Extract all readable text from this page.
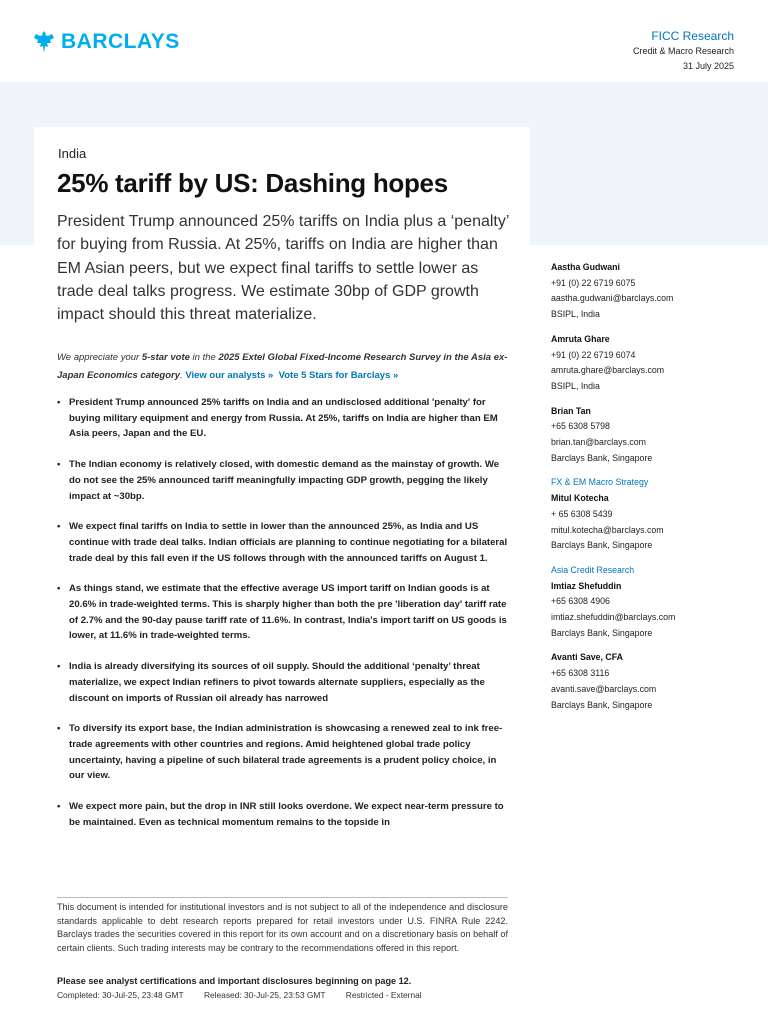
BARCLAYS	FICC Research
Credit & Macro Research
31 July 2025
India
25% tariff by US: Dashing hopes
President Trump announced 25% tariffs on India plus a ‘penalty’ for buying from Russia. At 25%, tariffs on India are higher than EM Asian peers, but we expect final tariffs to settle lower as trade deal talks progress. We estimate 30bp of GDP growth impact should this threat materialize.
We appreciate your 5-star vote in the 2025 Extel Global Fixed-Income Research Survey in the Asia ex-Japan Economics category. View our analysts » Vote 5 Stars for Barclays »
• President Trump announced 25% tariffs on India and an undisclosed additional 'penalty' for buying military equipment and energy from Russia. At 25%, tariffs on India are higher than EM Asia peers, Japan and the EU.
• The Indian economy is relatively closed, with domestic demand as the mainstay of growth. We do not see the 25% announced tariff meaningfully impacting GDP growth, pegging the likely impact at ~30bp.
• We expect final tariffs on India to settle in lower than the announced 25%, as India and US continue with trade deal talks. Indian officials are planning to continue negotiating for a bilateral trade deal by this fall even if the US follows through with the announced tariffs on August 1.
• As things stand, we estimate that the effective average US import tariff on Indian goods is at 20.6% in trade-weighted terms. This is sharply higher than both the pre 'liberation day' tariff rate of 2.7% and the 90-day pause tariff rate of 11.6%. In contrast, India's import tariff on US goods is lower, at 11.6% in trade-weighted terms.
• India is already diversifying its sources of oil supply. Should the additional ‘penalty’ threat materialize, we expect Indian refiners to pivot towards alternate suppliers, especially as the discount on imports of Russian oil already has narrowed
• To diversify its export base, the Indian administration is showcasing a renewed zeal to ink free-trade agreements with other countries and regions. Amid heightened global trade policy uncertainty, having a pipeline of such bilateral trade agreements is a prudent policy choice, in our view.
• We expect more pain, but the drop in INR still looks overdone. We expect near-term pressure to be maintained. Even as technical momentum remains to the topside in
Aastha Gudwani
+91 (0) 22 6719 6075
aastha.gudwani@barclays.com
BSIPL, India
Amruta Ghare
+91 (0) 22 6719 6074
amruta.ghare@barclays.com
BSIPL, India
Brian Tan
+65 6308 5798
brian.tan@barclays.com
Barclays Bank, Singapore
FX & EM Macro Strategy
Mitul Kotecha
+ 65 6308 5439
mitul.kotecha@barclays.com
Barclays Bank, Singapore
Asia Credit Research
Imtiaz Shefuddin
+65 6308 4906
imtiaz.shefuddin@barclays.com
Barclays Bank, Singapore
Avanti Save, CFA
+65 6308 3116
avanti.save@barclays.com
Barclays Bank, Singapore
This document is intended for institutional investors and is not subject to all of the independence and disclosure standards applicable to debt research reports prepared for retail investors under U.S. FINRA Rule 2242. Barclays trades the securities covered in this report for its own account and on a discretionary basis on behalf of certain clients. Such trading interests may be contrary to the recommendations offered in this report.
Please see analyst certifications and important disclosures beginning on page 12.
Completed: 30-Jul-25, 23:48 GMT Released: 30-Jul-25, 23:53 GMT Restricted - External
